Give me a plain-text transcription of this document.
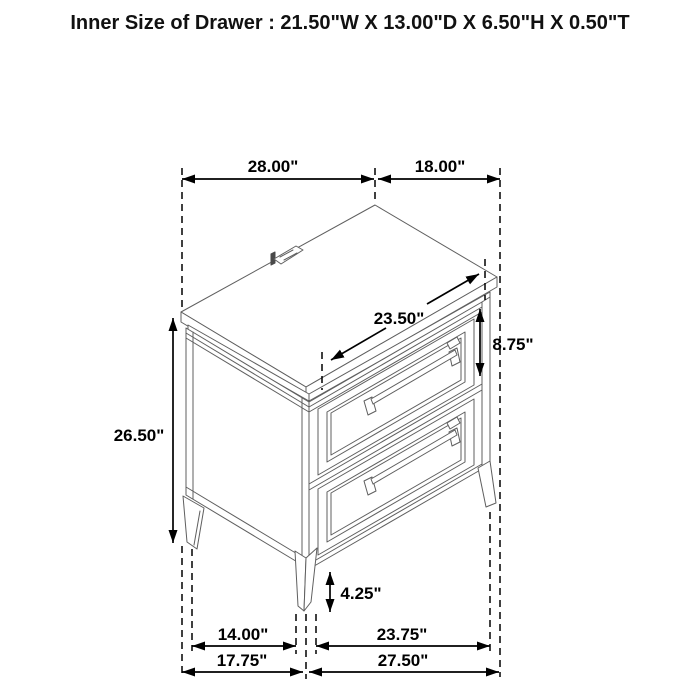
Inner Size of Drawer : 21.50"W X 13.00"D X 6.50"H X 0.50"T
28.00"	18.00"
23.50"
8.75"
26.50"
4.25"
14.00"	23.75"
17.75"	27.50"
